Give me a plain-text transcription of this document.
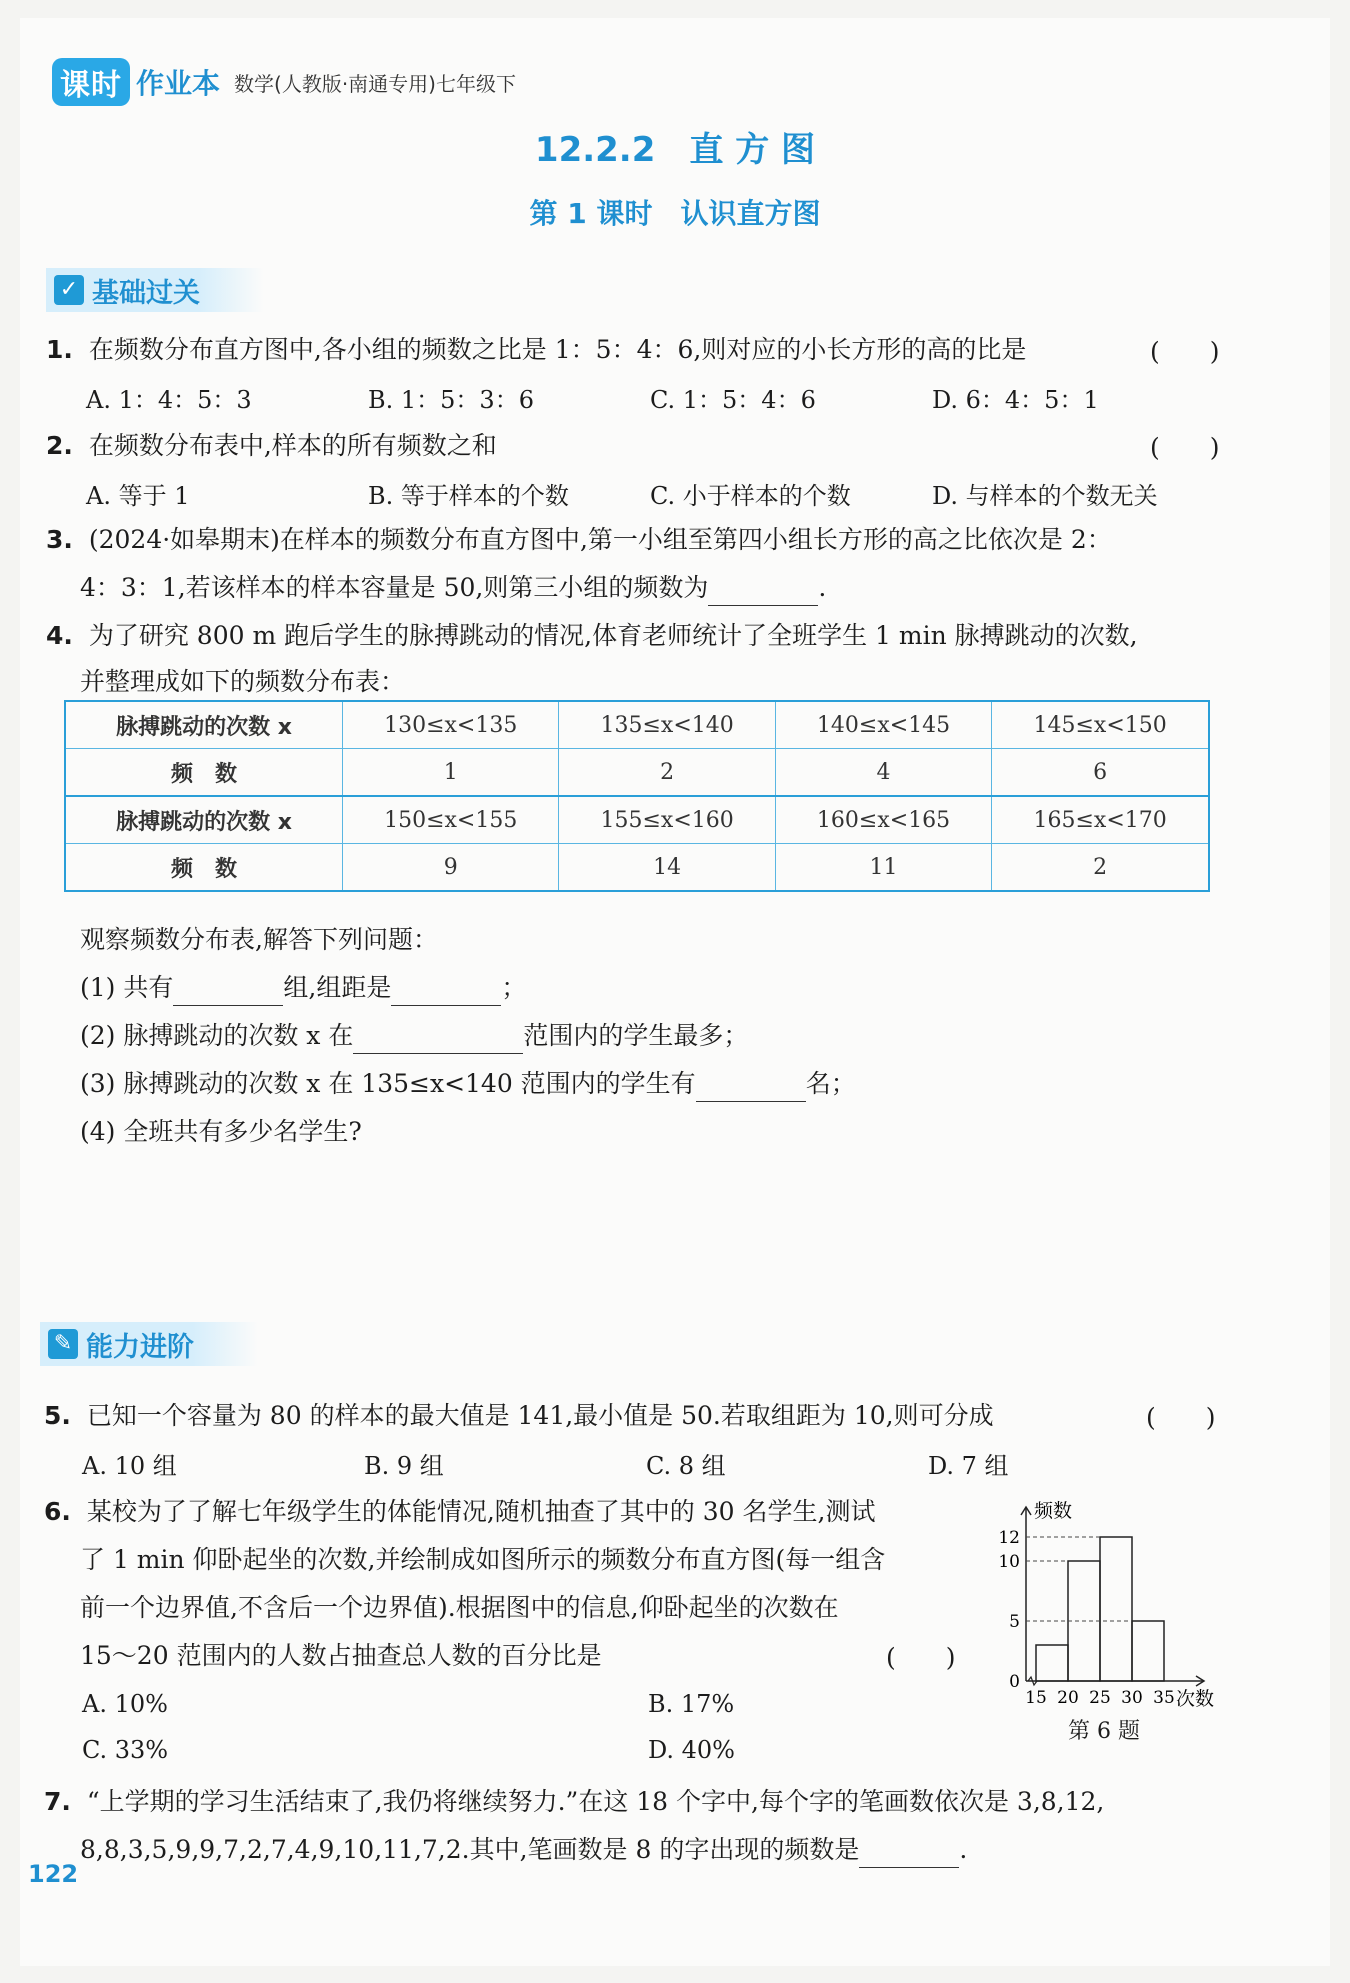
课时 作业本 数学(人教版·南通专用)七年级下
12.2.2　直 方 图
第 1 课时　认识直方图
✓ 基础过关
1. 在频数分布直方图中,各小组的频数之比是 1：5：4：6,则对应的小长方形的高的比是	(　　)
A. 1：4：5：3	B. 1：5：3：6	C. 1：5：4：6	D. 6：4：5：1
2. 在频数分布表中,样本的所有频数之和	(　　)
A. 等于 1	B. 等于样本的个数	C. 小于样本的个数	D. 与样本的个数无关
3. (2024·如皋期末)在样本的频数分布直方图中,第一小组至第四小组长方形的高之比依次是 2：
4：3：1,若该样本的样本容量是 50,则第三小组的频数为	.
4. 为了研究 800 m 跑后学生的脉搏跳动的情况,体育老师统计了全班学生 1 min 脉搏跳动的次数,
并整理成如下的频数分布表：
脉搏跳动的次数 x	130≤x<135	135≤x<140	140≤x<145	145≤x<150
频　数	1	2	4	6
脉搏跳动的次数 x	150≤x<155	155≤x<160	160≤x<165	165≤x<170
频　数	9	14	11	2
观察频数分布表,解答下列问题：
(1) 共有	组,组距是	；
(2) 脉搏跳动的次数 x 在	范围内的学生最多；
(3) 脉搏跳动的次数 x 在 135≤x<140 范围内的学生有	名；
(4) 全班共有多少名学生?
✎ 能力进阶
5. 已知一个容量为 80 的样本的最大值是 141,最小值是 50.若取组距为 10,则可分成	(　　)
A. 10 组	B. 9 组	C. 8 组	D. 7 组
6. 某校为了了解七年级学生的体能情况,随机抽查了其中的 30 名学生,测试
了 1 min 仰卧起坐的次数,并绘制成如图所示的频数分布直方图(每一组含
前一个边界值,不含后一个边界值).根据图中的信息,仰卧起坐的次数在
15～20 范围内的人数占抽查总人数的百分比是	(　　)
A. 10%	B. 17%
C. 33%	D. 40%
0
5
10
12
15 20 25 30 35
频数
次数
第 6 题
7. “上学期的学习生活结束了,我仍将继续努力.”在这 18 个字中,每个字的笔画数依次是 3,8,12,
8,8,3,5,9,9,7,2,7,4,9,10,11,7,2.其中,笔画数是 8 的字出现的频数是	.
122
